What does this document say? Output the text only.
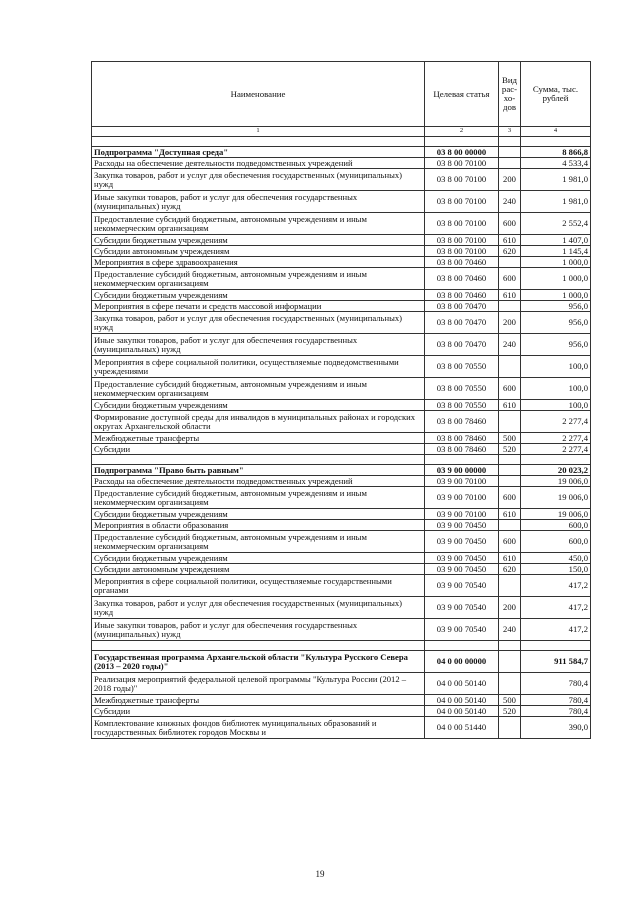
Наименование	Целевая статья	Вид рас-хо-дов	Сумма, тыс. рублей
1	2	3	4

Подпрограмма "Доступная среда"	03 8 00 00000		8 866,8
Расходы на обеспечение деятельности подведомственных учреждений	03 8 00 70100		4 533,4
Закупка товаров, работ и услуг для обеспечения государственных (муниципальных) нужд	03 8 00 70100	200	1 981,0
Иные закупки товаров, работ и услуг для обеспечения государственных (муниципальных) нужд	03 8 00 70100	240	1 981,0
Предоставление субсидий бюджетным, автономным учреждениям и иным некоммерческим организациям	03 8 00 70100	600	2 552,4
Субсидии бюджетным учреждениям	03 8 00 70100	610	1 407,0
Субсидии автономным учреждениям	03 8 00 70100	620	1 145,4
Мероприятия в сфере здравоохранения	03 8 00 70460		1 000,0
Предоставление субсидий бюджетным, автономным учреждениям и иным некоммерческим организациям	03 8 00 70460	600	1 000,0
Субсидии бюджетным учреждениям	03 8 00 70460	610	1 000,0
Мероприятия в сфере печати и средств массовой информации	03 8 00 70470		956,0
Закупка товаров, работ и услуг для обеспечения государственных (муниципальных) нужд	03 8 00 70470	200	956,0
Иные закупки товаров, работ и услуг для обеспечения государственных (муниципальных) нужд	03 8 00 70470	240	956,0
Мероприятия в сфере социальной политики, осуществляемые подведомственными учреждениями	03 8 00 70550		100,0
Предоставление субсидий бюджетным, автономным учреждениям и иным некоммерческим организациям	03 8 00 70550	600	100,0
Субсидии бюджетным учреждениям	03 8 00 70550	610	100,0
Формирование доступной среды для инвалидов в муниципальных районах и городских округах Архангельской области	03 8 00 78460		2 277,4
Межбюджетные трансферты	03 8 00 78460	500	2 277,4
Субсидии	03 8 00 78460	520	2 277,4

Подпрограмма "Право быть равным"	03 9 00 00000		20 023,2
Расходы на обеспечение деятельности подведомственных учреждений	03 9 00 70100		19 006,0
Предоставление субсидий бюджетным, автономным учреждениям и иным некоммерческим организациям	03 9 00 70100	600	19 006,0
Субсидии бюджетным учреждениям	03 9 00 70100	610	19 006,0
Мероприятия в области образования	03 9 00 70450		600,0
Предоставление субсидий бюджетным, автономным учреждениям и иным некоммерческим организациям	03 9 00 70450	600	600,0
Субсидии бюджетным учреждениям	03 9 00 70450	610	450,0
Субсидии автономным учреждениям	03 9 00 70450	620	150,0
Мероприятия в сфере социальной политики, осуществляемые государственными органами	03 9 00 70540		417,2
Закупка товаров, работ и услуг для обеспечения государственных (муниципальных) нужд	03 9 00 70540	200	417,2
Иные закупки товаров, работ и услуг для обеспечения государственных (муниципальных) нужд	03 9 00 70540	240	417,2

Государственная программа Архангельской области "Культура Русского Севера (2013 – 2020 годы)"	04 0 00 00000		911 584,7
Реализация мероприятий федеральной целевой программы "Культура России (2012 – 2018 годы)"	04 0 00 50140		780,4
Межбюджетные трансферты	04 0 00 50140	500	780,4
Субсидии	04 0 00 50140	520	780,4
Комплектование книжных фондов библиотек муниципальных образований и государственных библиотек городов Москвы и	04 0 00 51440		390,0
19
